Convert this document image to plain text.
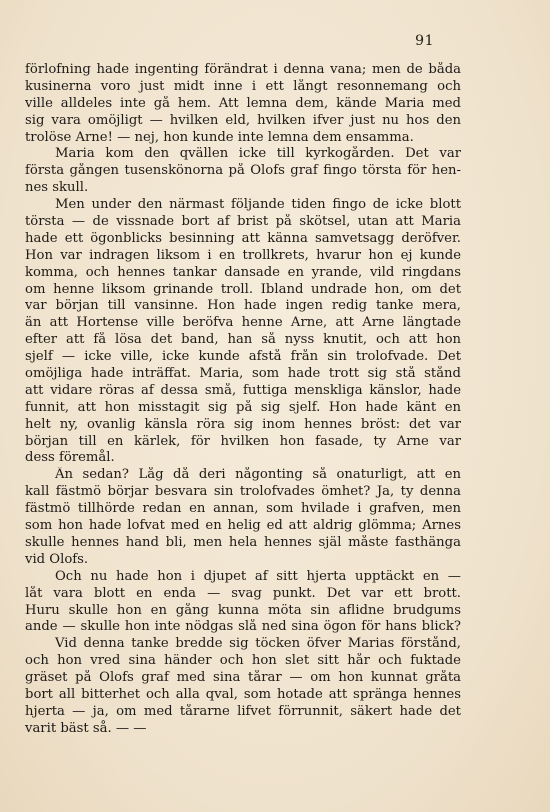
91
förlofning hade ingenting förändrat i denna vana; men de båda
kusinerna voro just midt inne i ett långt resonnemang och
ville alldeles inte gå hem. Att lemna dem, kände Maria med
sig vara omöjligt — hvilken eld, hvilken ifver just nu hos den
trolöse Arne! — nej, hon kunde inte lemna dem ensamma.
Maria kom den qvällen icke till kyrkogården. Det var
första gången tusenskönorna på Olofs graf fingo törsta för hen-
nes skull.
Men under den närmast följande tiden fingo de icke blott
törsta — de vissnade bort af brist på skötsel, utan att Maria
hade ett ögonblicks besinning att känna samvetsagg deröfver.
Hon var indragen liksom i en trollkrets, hvarur hon ej kunde
komma, och hennes tankar dansade en yrande, vild ringdans
om henne liksom grinande troll. Ibland undrade hon, om det
var början till vansinne. Hon hade ingen redig tanke mera,
än att Hortense ville beröfva henne Arne, att Arne längtade
efter att få lösa det band, han så nyss knutit, och att hon
sjelf — icke ville, icke kunde afstå från sin trolofvade. Det
omöjliga hade inträffat. Maria, som hade trott sig stå stånd
att vidare röras af dessa små, futtiga menskliga känslor, hade
funnit, att hon misstagit sig på sig sjelf. Hon hade känt en
helt ny, ovanlig känsla röra sig inom hennes bröst: det var
början till en kärlek, för hvilken hon fasade, ty Arne var
dess föremål.
Än sedan? Låg då deri någonting så onaturligt, att en
kall fästmö börjar besvara sin trolofvades ömhet? Ja, ty denna
fästmö tillhörde redan en annan, som hvilade i grafven, men
som hon hade lofvat med en helig ed att aldrig glömma; Arnes
skulle hennes hand bli, men hela hennes själ måste fasthänga
vid Olofs.
Och nu hade hon i djupet af sitt hjerta upptäckt en —
låt vara blott en enda — svag punkt. Det var ett brott.
Huru skulle hon en gång kunna möta sin aflidne brudgums
ande — skulle hon inte nödgas slå ned sina ögon för hans blick?
Vid denna tanke bredde sig töcken öfver Marias förstånd,
och hon vred sina händer och hon slet sitt hår och fuktade
gräset på Olofs graf med sina tårar — om hon kunnat gråta
bort all bitterhet och alla qval, som hotade att spränga hennes
hjerta — ja, om med tårarne lifvet förrunnit, säkert hade det
varit bäst så. — —
